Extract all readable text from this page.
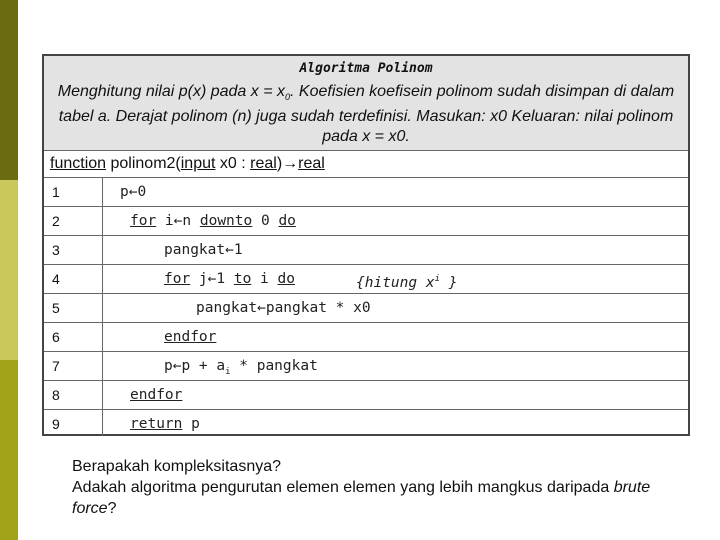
Algoritma Polinom
Menghitung nilai p(x) pada $x = x_0$. Koefisien koefisein polinom sudah disimpan di dalam tabel a. Derajat polinom (n) juga sudah terdefinisi. Masukan: x0 Keluaran: nilai polinom pada x = x0.
function polinom2(input x0 : real)→real
1	p←0
2	for i←n downto 0 do
3	pangkat←1
4	for j←1 to i do	{hitung $x^i$ }
5	pangkat←pangkat * x0
6	endfor
7	p←p + $a_i$ * pangkat
8	endfor
9	return p
Berapakah kompleksitasnya?
Adakah algoritma pengurutan elemen elemen yang lebih mangkus daripada brute force?
